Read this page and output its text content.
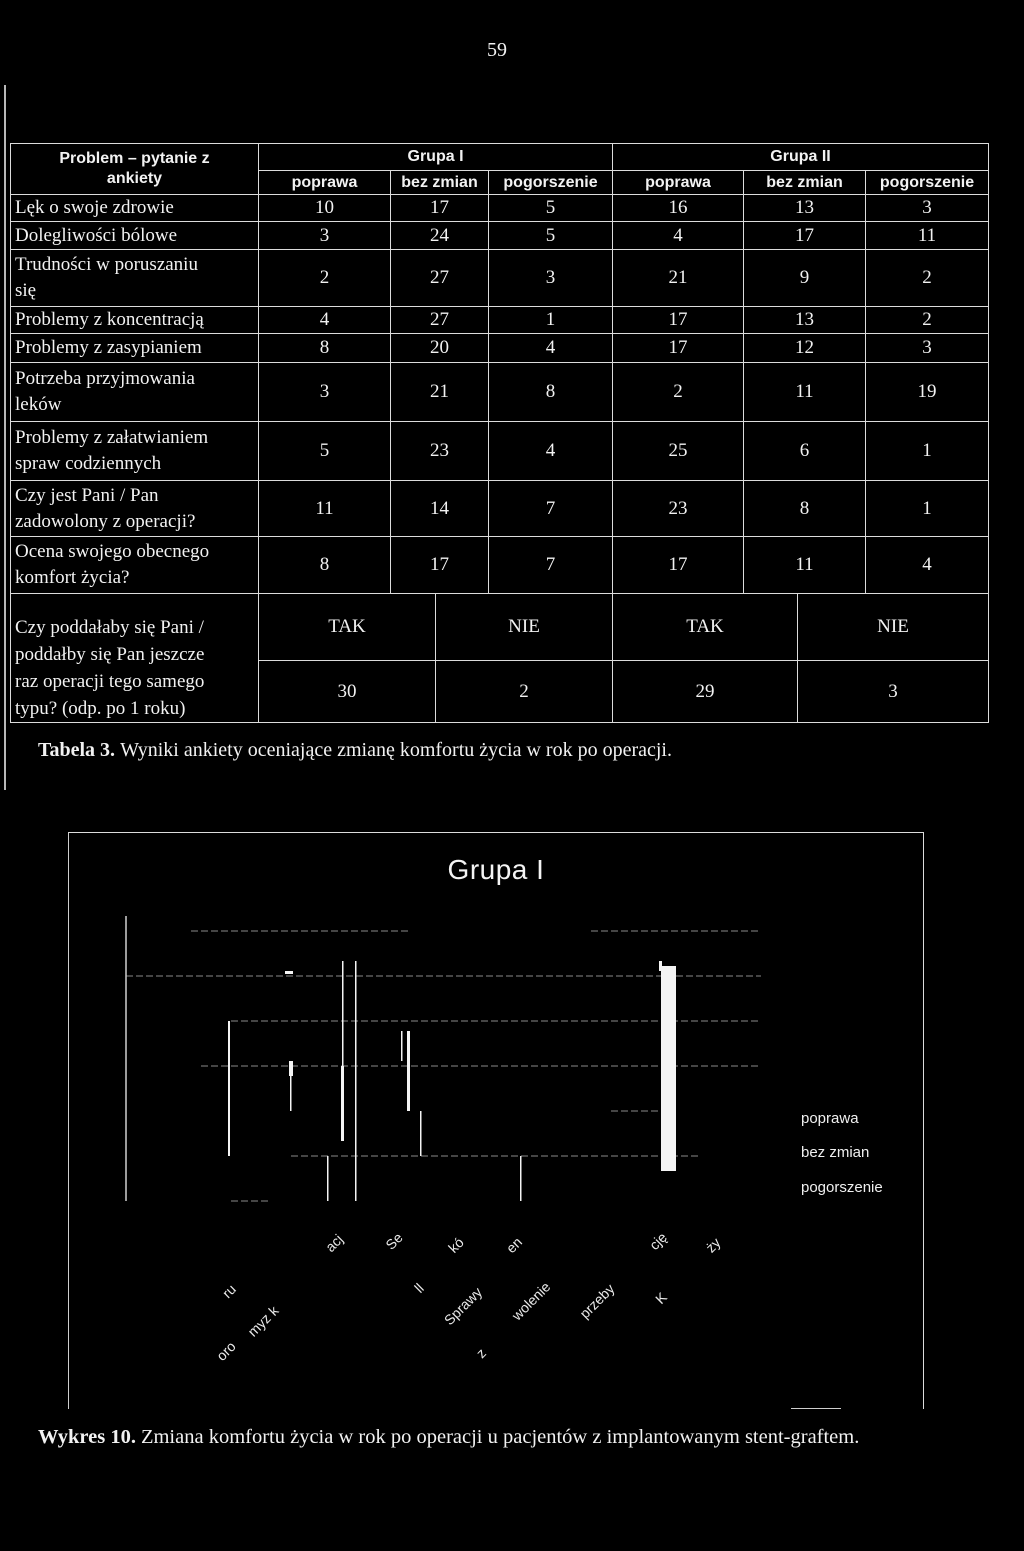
59
Problem – pytanie z
ankiety	Grupa I			Grupa II		
	poprawa	bez zmian	pogorszenie	poprawa	bez zmian	pogorszenie

Lęk o swoje zdrowie	10	17	5	16	13	3

Dolegliwości bólowe	3	24	5	4	17	11

Trudności w poruszaniu
się	2	27	3	21	9	2

Problemy z koncentracją	4	27	1	17	13	2

Problemy z zasypianiem	8	20	4	17	12	3

Potrzeba przyjmowania
leków	3	21	8	2	11	19

Problemy z załatwianiem
spraw codziennych	5	23	4	25	6	1

Czy jest Pani / Pan
zadowolony z operacji?	11	14	7	23	8	1

Ocena swojego obecnego
komfort życia?	8	17	7	17	11	4
Czy poddałaby się Pani /
poddałby się Pan jeszcze
raz operacji tego samego
typu? (odp. po 1 roku)	TAK	NIE	TAK	NIE
	30	2	29	3
Tabela 3. Wyniki ankiety oceniające zmianę komfortu życia w rok po operacji.
Grupa I
poprawa
bez zmian
pogorszenie
acj	Se	kó	en	cję ży
ru	ll Sprawy wolenie przeby K
myz k
oro	z
Wykres 10. Zmiana komfortu życia w rok po operacji u pacjentów z implantowanym stent-graftem.
